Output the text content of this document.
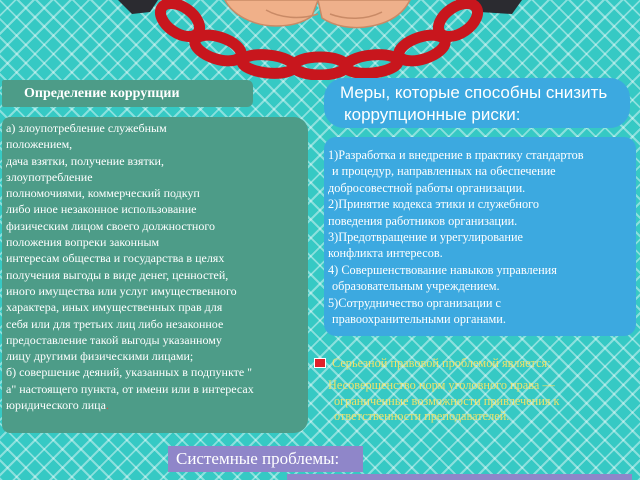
Определение коррупции
а) злоупотребление служебным
положением,
дача взятки, получение взятки,
злоупотребление
полномочиями, коммерческий подкуп
либо иное незаконное использование
физическим лицом своего должностного
положения вопреки законным
интересам общества и государства в целях
получения выгоды в виде денег, ценностей,
иного имущества или услуг имущественного
характера, иных имущественных прав для
себя или для третьих лиц либо незаконное
предоставление такой выгоды указанному
лицу другими физическими лицами;
б) совершение деяний, указанных в подпункте "
а" настоящего пункта, от имени или в интересах
юридического лица.
Меры, которые способны снизить
коррупционные риски:
1)Разработка и внедрение в практику стандартов
и процедур, направленных на обеспечение
добросовестной работы организации.
2)Принятие кодекса этики и служебного
поведения работников организации.
3)Предотвращение и урегулирование
конфликта интересов.
4) Совершенствование навыков управления
образовательным учреждением.
5)Сотрудничество организации с
правоохранительными органами.
Серьезной правовой проблемой является:
Несовершенство норм уголовного права —
ограниченные возможности привлечения к
ответственности преподавателей.
Системные проблемы:
